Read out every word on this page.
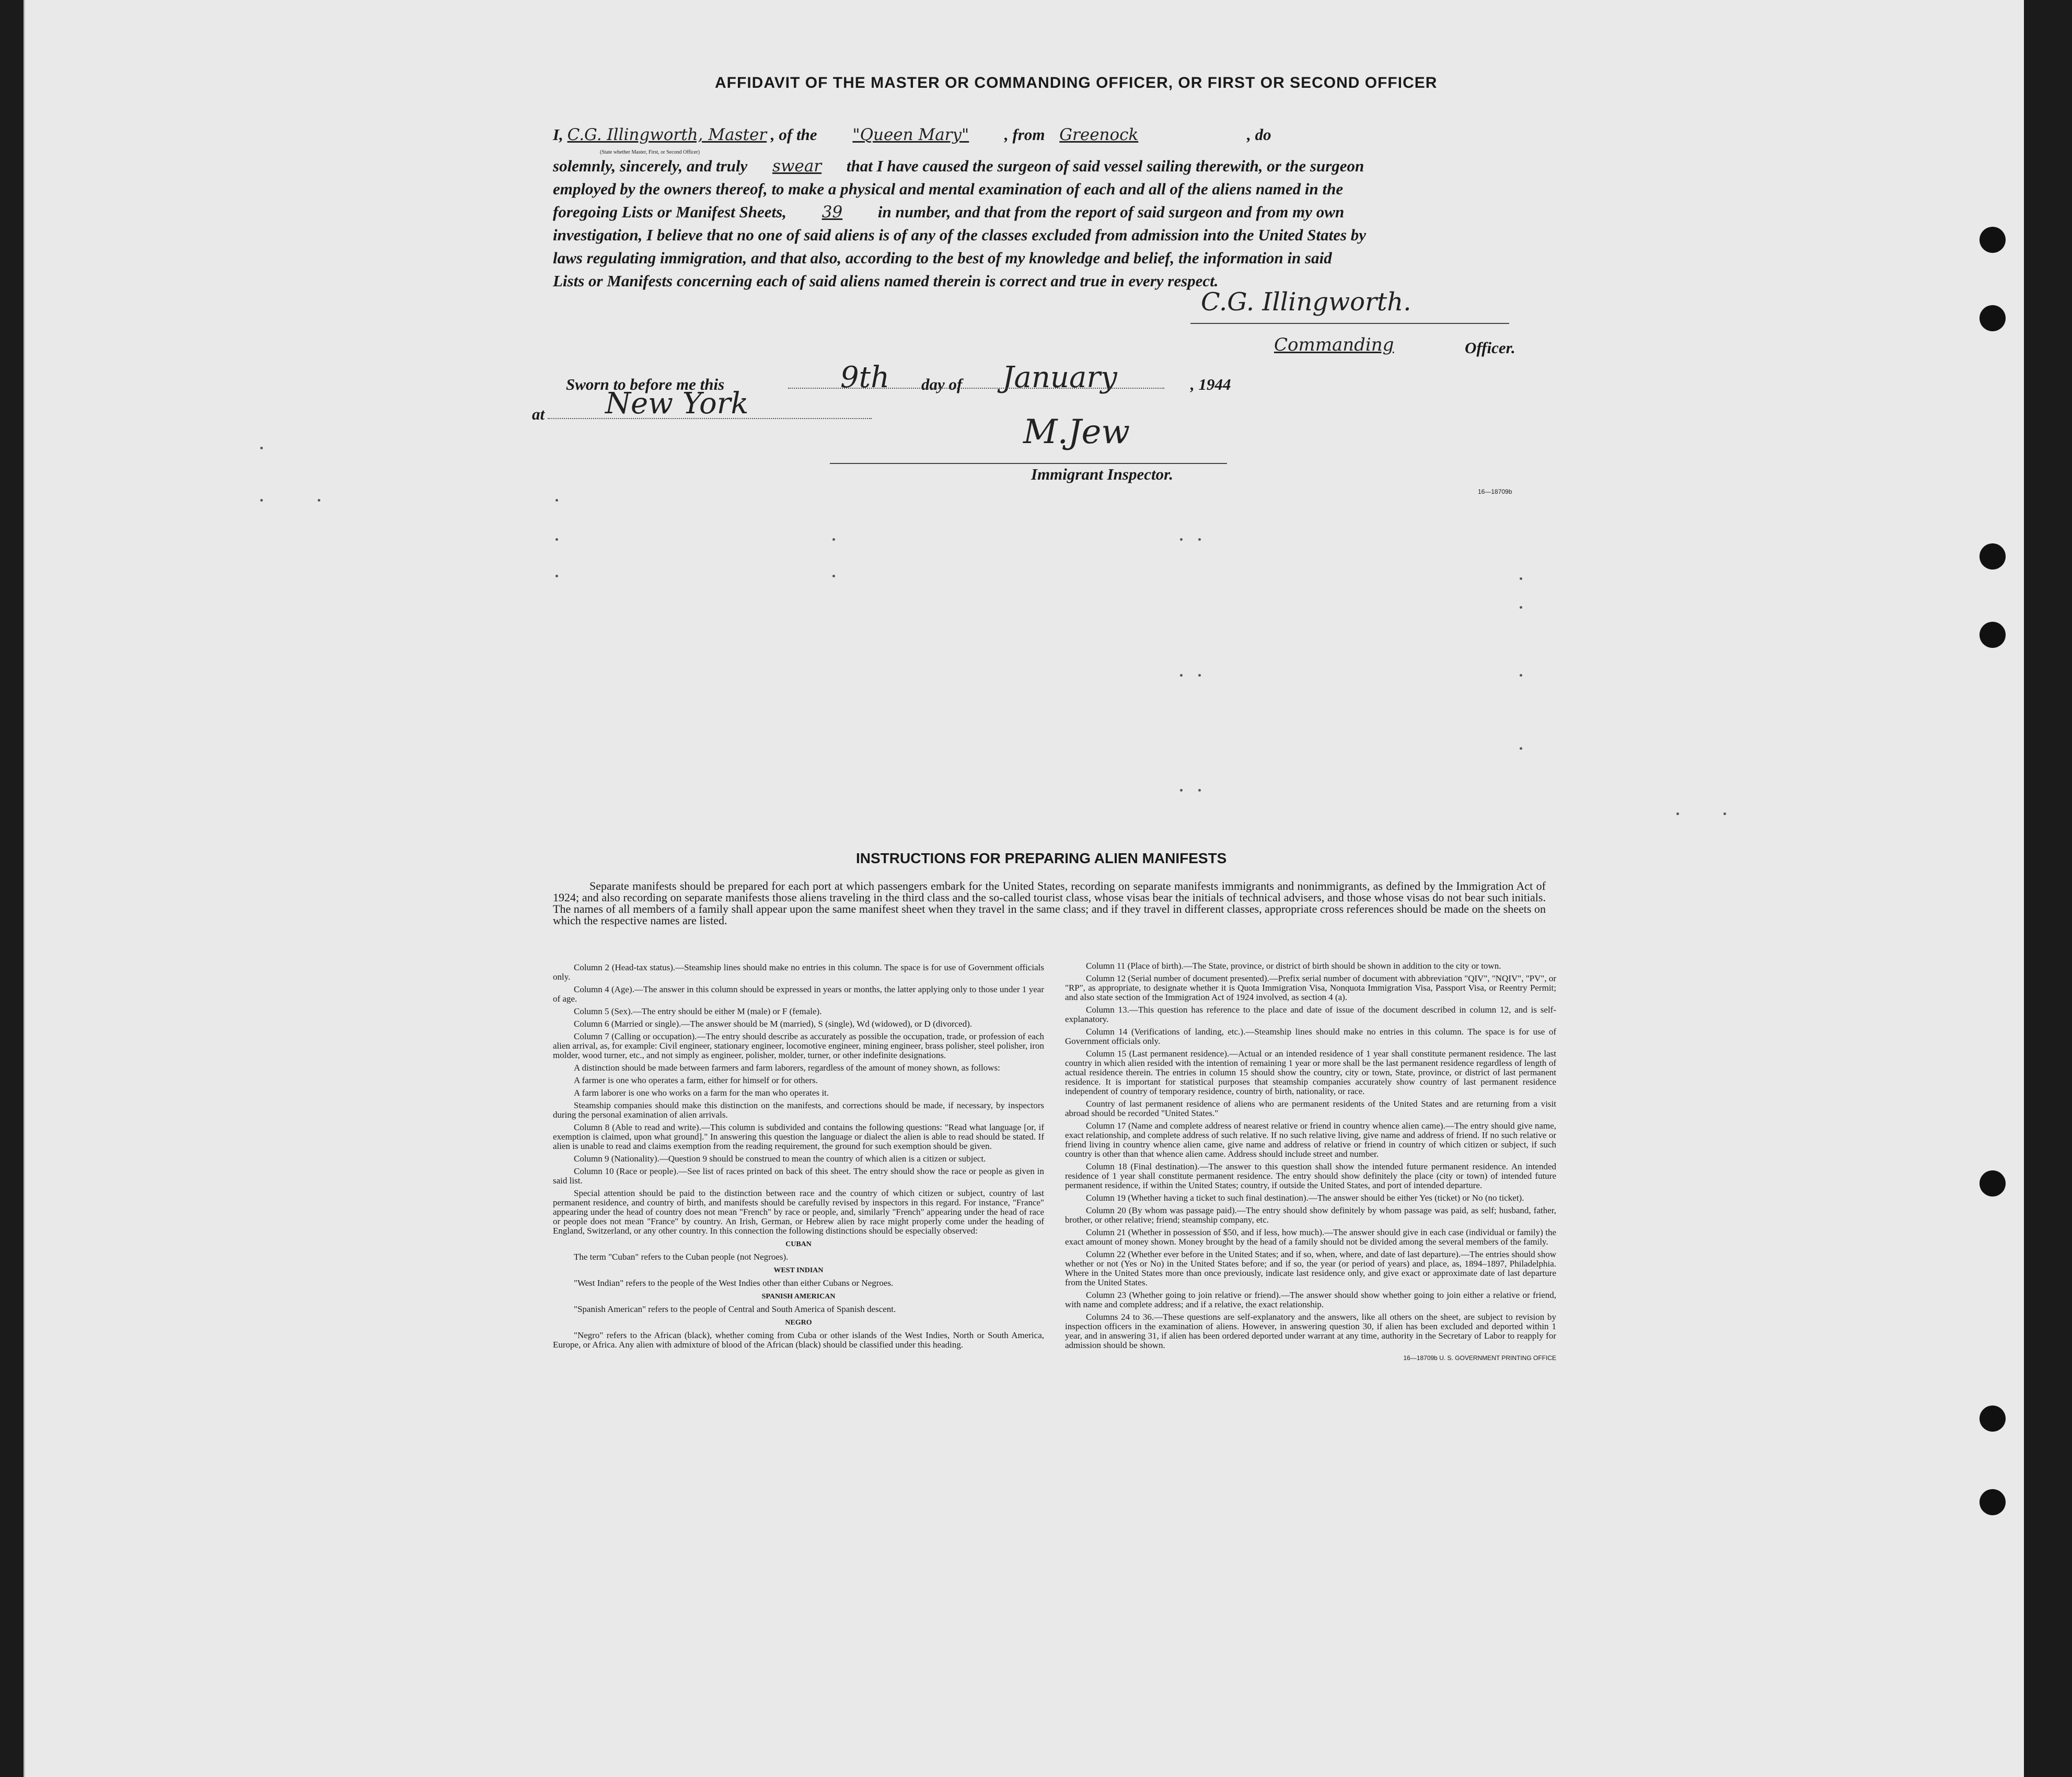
AFFIDAVIT OF THE MASTER OR COMMANDING OFFICER, OR FIRST OR SECOND OFFICER
I, C.G. Illingworth, Master , of the "Queen Mary" , from Greenock	, do
(State whether Master, First, or Second Officer)
solemnly, sincerely, and truly swear that I have caused the surgeon of said vessel sailing therewith, or the surgeon
employed by the owners thereof, to make a physical and mental examination of each and all of the aliens named in the
foregoing Lists or Manifest Sheets, 39 in number, and that from the report of said surgeon and from my own
investigation, I believe that no one of said aliens is of any of the classes excluded from admission into the United States by
laws regulating immigration, and that also, according to the best of my knowledge and belief, the information in said
Lists or Manifests concerning each of said aliens named therein is correct and true in every respect.
C.G. Illingworth.
Commanding	Officer.
Sworn to before me this	9th day of January	, 1944
at New York
M.Jew
Immigrant Inspector.
16—18709b
INSTRUCTIONS FOR PREPARING ALIEN MANIFESTS
Separate manifests should be prepared for each port at which passengers embark for the United States, recording on separate manifests immigrants and nonimmigrants, as defined by the Immigration Act of 1924; and also recording on separate manifests those aliens traveling in the third class and the so-called tourist class, whose visas bear the initials of technical advisers, and those whose visas do not bear such initials. The names of all members of a family shall appear upon the same manifest sheet when they travel in the same class; and if they travel in different classes, appropriate cross references should be made on the sheets on which the respective names are listed.

Column 2 (Head-tax status).—Steamship lines should make no entries in this column. The space is for use of Government officials only.

Column 4 (Age).—The answer in this column should be expressed in years or months, the latter applying only to those under 1 year of age.

Column 5 (Sex).—The entry should be either M (male) or F (female).

Column 6 (Married or single).—The answer should be M (married), S (single), Wd (widowed), or D (divorced).

Column 7 (Calling or occupation).—The entry should describe as accurately as possible the occupation, trade, or profession of each alien arrival, as, for example: Civil engineer, stationary engineer, locomotive engineer, mining engineer, brass polisher, steel polisher, iron molder, wood turner, etc., and not simply as engineer, polisher, molder, turner, or other indefinite designations.

A distinction should be made between farmers and farm laborers, regardless of the amount of money shown, as follows:

A farmer is one who operates a farm, either for himself or for others.

A farm laborer is one who works on a farm for the man who operates it.

Steamship companies should make this distinction on the manifests, and corrections should be made, if necessary, by inspectors during the personal examination of alien arrivals.

Column 8 (Able to read and write).—This column is subdivided and contains the following questions: "Read what language [or, if exemption is claimed, upon what ground]." In answering this question the language or dialect the alien is able to read should be stated. If alien is unable to read and claims exemption from the reading requirement, the ground for such exemption should be given.

Column 9 (Nationality).—Question 9 should be construed to mean the country of which alien is a citizen or subject.

Column 10 (Race or people).—See list of races printed on back of this sheet. The entry should show the race or people as given in said list.

Special attention should be paid to the distinction between race and the country of which citizen or subject, country of last permanent residence, and country of birth, and manifests should be carefully revised by inspectors in this regard. For instance, "France" appearing under the head of country does not mean "French" by race or people, and, similarly "French" appearing under the head of race or people does not mean "France" by country. An Irish, German, or Hebrew alien by race might properly come under the heading of England, Switzerland, or any other country. In this connection the following distinctions should be especially observed:

CUBAN

The term "Cuban" refers to the Cuban people (not Negroes).

WEST INDIAN

"West Indian" refers to the people of the West Indies other than either Cubans or Negroes.

SPANISH AMERICAN

"Spanish American" refers to the people of Central and South America of Spanish descent.

NEGRO

"Negro" refers to the African (black), whether coming from Cuba or other islands of the West Indies, North or South America, Europe, or Africa. Any alien with admixture of blood of the African (black) should be classified under this heading.

Column 11 (Place of birth).—The State, province, or district of birth should be shown in addition to the city or town.

Column 12 (Serial number of document presented).—Prefix serial number of document with abbreviation "QIV", "NQIV", "PV", or "RP", as appropriate, to designate whether it is Quota Immigration Visa, Nonquota Immigration Visa, Passport Visa, or Reentry Permit; and also state section of the Immigration Act of 1924 involved, as section 4 (a).

Column 13.—This question has reference to the place and date of issue of the document described in column 12, and is self-explanatory.

Column 14 (Verifications of landing, etc.).—Steamship lines should make no entries in this column. The space is for use of Government officials only.

Column 15 (Last permanent residence).—Actual or an intended residence of 1 year shall constitute permanent residence. The last country in which alien resided with the intention of remaining 1 year or more shall be the last permanent residence regardless of length of actual residence therein. The entries in column 15 should show the country, city or town, State, province, or district of last permanent residence. It is important for statistical purposes that steamship companies accurately show country of last permanent residence independent of country of temporary residence, country of birth, nationality, or race.

Country of last permanent residence of aliens who are permanent residents of the United States and are returning from a visit abroad should be recorded "United States."

Column 17 (Name and complete address of nearest relative or friend in country whence alien came).—The entry should give name, exact relationship, and complete address of such relative. If no such relative living, give name and address of friend. If no such relative or friend living in country whence alien came, give name and address of relative or friend in country of which citizen or subject, if such country is other than that whence alien came. Address should include street and number.

Column 18 (Final destination).—The answer to this question shall show the intended future permanent residence. An intended residence of 1 year shall constitute permanent residence. The entry should show definitely the place (city or town) of intended future permanent residence, if within the United States; country, if outside the United States, and port of intended departure.

Column 19 (Whether having a ticket to such final destination).—The answer should be either Yes (ticket) or No (no ticket).

Column 20 (By whom was passage paid).—The entry should show definitely by whom passage was paid, as self; husband, father, brother, or other relative; friend; steamship company, etc.

Column 21 (Whether in possession of $50, and if less, how much).—The answer should give in each case (individual or family) the exact amount of money shown. Money brought by the head of a family should not be divided among the several members of the family.

Column 22 (Whether ever before in the United States; and if so, when, where, and date of last departure).—The entries should show whether or not (Yes or No) in the United States before; and if so, the year (or period of years) and place, as, 1894–1897, Philadelphia. Where in the United States more than once previously, indicate last residence only, and give exact or approximate date of last departure from the United States.

Column 23 (Whether going to join relative or friend).—The answer should show whether going to join either a relative or friend, with name and complete address; and if a relative, the exact relationship.

Columns 24 to 36.—These questions are self-explanatory and the answers, like all others on the sheet, are subject to revision by inspection officers in the examination of aliens. However, in answering question 30, if alien has been excluded and deported within 1 year, and in answering 31, if alien has been ordered deported under warrant at any time, authority in the Secretary of Labor to reapply for admission should be shown.

16—18709b U. S. GOVERNMENT PRINTING OFFICE
